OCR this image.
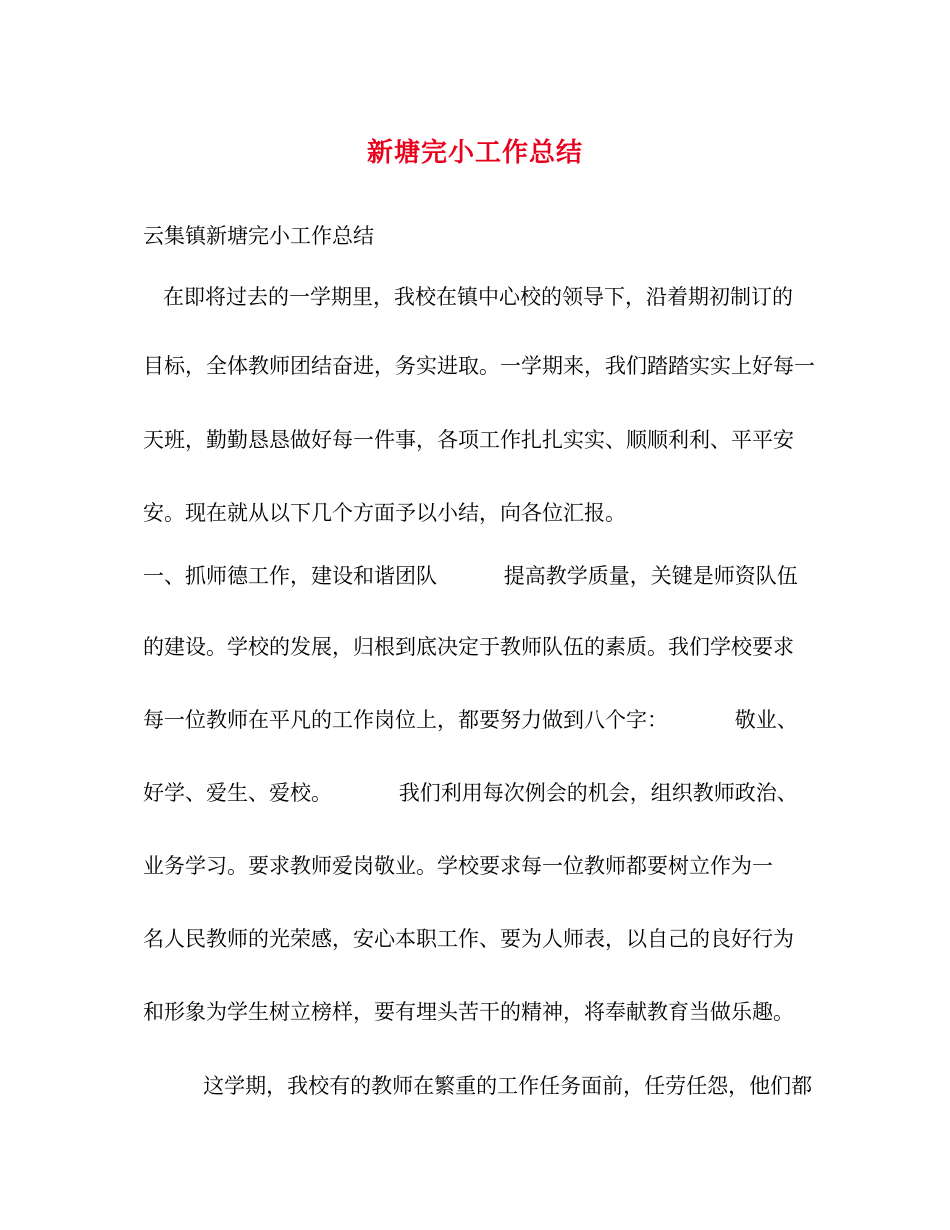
新塘完小工作总结

云集镇新塘完小工作总结

在即将过去的一学期里，我校在镇中心校的领导下，沿着期初制订的

目标，全体教师团结奋进，务实进取。一学期来，我们踏踏实实上好每一

天班，勤勤恳恳做好每一件事，各项工作扎扎实实、顺顺利利、平平安

安。现在就从以下几个方面予以小结，向各位汇报。

一、抓师德工作，建设和谐团队          提高教学质量，关键是师资队伍

的建设。学校的发展，归根到底决定于教师队伍的素质。我们学校要求

每一位教师在平凡的工作岗位上，都要努力做到八个字：          敬业、

好学、爱生、爱校。          我们利用每次例会的机会，组织教师政治、

业务学习。要求教师爱岗敬业。学校要求每一位教师都要树立作为一

名人民教师的光荣感，安心本职工作、要为人师表，以自己的良好行为

和形象为学生树立榜样，要有埋头苦干的精神，将奉献教育当做乐趣。

这学期，我校有的教师在繁重的工作任务面前，任劳任怨，他们都
